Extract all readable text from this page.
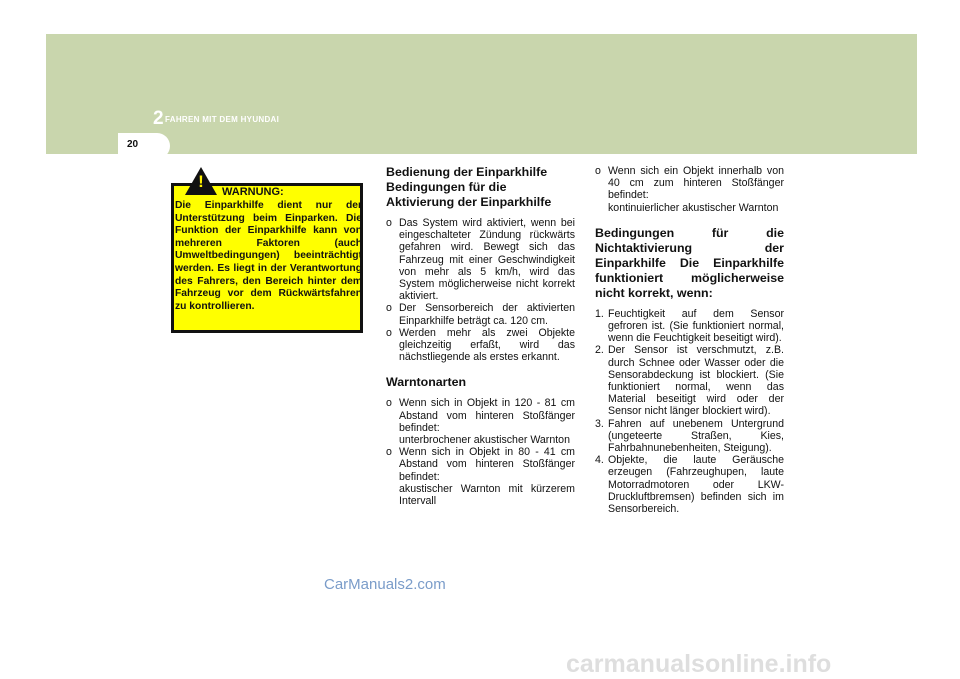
2 FAHREN MIT DEM HYUNDAI
20
!
WARNUNG:
Die Einparkhilfe dient nur der Unterstützung beim Einparken. Die Funktion der Einparkhilfe kann von mehreren Faktoren (auch Umweltbedingungen) beeinträchtigt werden. Es liegt in der Verantwortung des Fahrers, den Bereich hinter dem Fahrzeug vor dem Rückwärtsfahren zu kontrollieren.
Bedienung der Einparkhilfe Bedingungen für die Aktivierung der Einparkhilfe
o Das System wird aktiviert, wenn bei eingeschalteter Zündung rückwärts gefahren wird. Bewegt sich das Fahrzeug mit einer Geschwindigkeit von mehr als 5 km/h, wird das System möglicherweise nicht korrekt aktiviert.
o Der Sensorbereich der aktivierten Einparkhilfe beträgt ca. 120 cm.
o Werden mehr als zwei Objekte gleichzeitig erfaßt, wird das nächstliegende als erstes erkannt.
Warntonarten
o Wenn sich in Objekt in 120 - 81 cm Abstand vom hinteren Stoßfänger befindet:
unterbrochener akustischer Warnton
o Wenn sich in Objekt in 80 - 41 cm Abstand vom hinteren Stoßfänger befindet:
akustischer Warnton mit kürzerem Intervall
o Wenn sich ein Objekt innerhalb von 40 cm zum hinteren Stoßfänger befindet:
kontinuierlicher akustischer Warnton
Bedingungen für die Nichtaktivierung der Einparkhilfe Die Einparkhilfe funktioniert möglicherweise nicht korrekt, wenn:
1. Feuchtigkeit auf dem Sensor gefroren ist. (Sie funktioniert normal, wenn die Feuchtigkeit beseitigt wird).
2. Der Sensor ist verschmutzt, z.B. durch Schnee oder Wasser oder die Sensorabdeckung ist blockiert. (Sie funktioniert normal, wenn das Material beseitigt wird oder der Sensor nicht länger blockiert wird).
3. Fahren auf unebenem Untergrund (ungeteerte Straßen, Kies, Fahrbahnunebenheiten, Steigung).
4. Objekte, die laute Geräusche erzeugen (Fahrzeughupen, laute Motorradmotoren oder LKW-Druckluftbremsen) befinden sich im Sensorbereich.
CarManuals2.com
carmanualsonline.info
